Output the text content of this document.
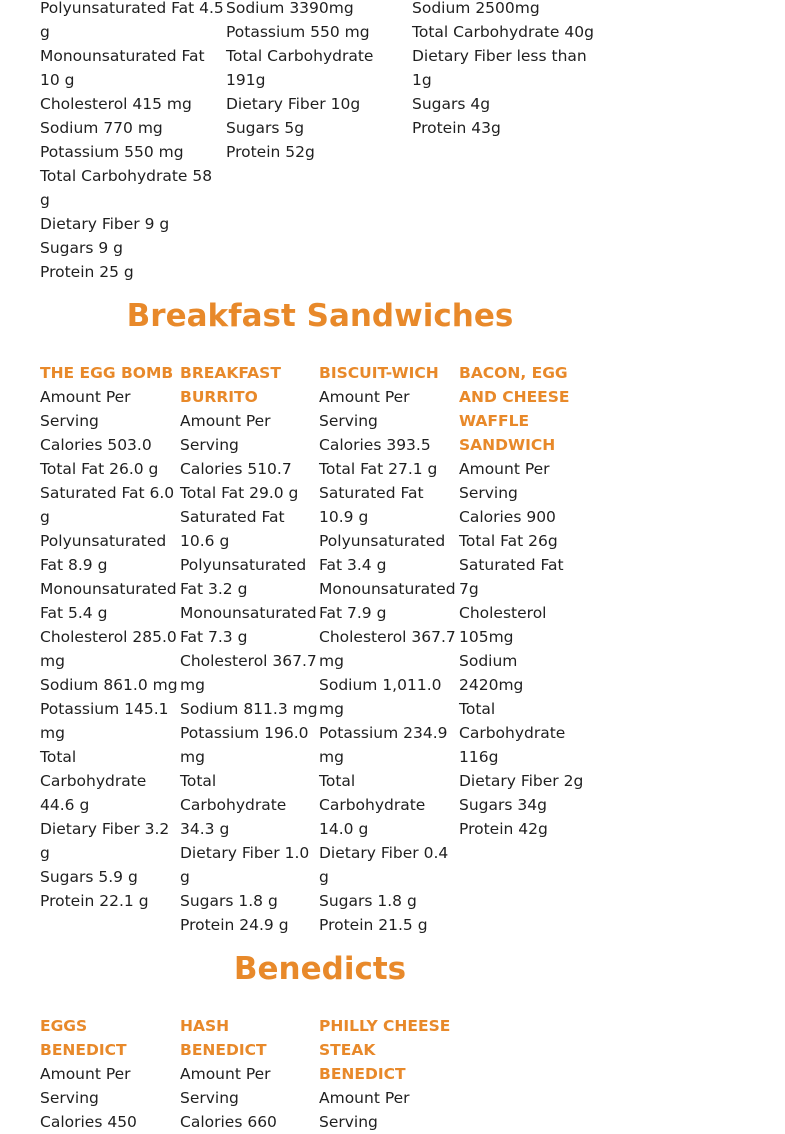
Polyunsaturated Fat 4.5 g
Monounsaturated Fat 10 g
Cholesterol 415 mg
Sodium 770 mg
Potassium 550 mg
Total Carbohydrate 58 g
Dietary Fiber 9 g
Sugars 9 g
Protein 25 g
Sodium 3390mg
Potassium 550 mg
Total Carbohydrate 191g
Dietary Fiber 10g
Sugars 5g
Protein 52g
Sodium 2500mg
Total Carbohydrate 40g
Dietary Fiber less than 1g
Sugars 4g
Protein 43g
Breakfast Sandwiches
THE EGG BOMB
Amount Per Serving
Calories 503.0
Total Fat 26.0 g
Saturated Fat 6.0 g
Polyunsaturated Fat 8.9 g
Monounsaturated Fat 5.4 g
Cholesterol 285.0 mg
Sodium 861.0 mg
Potassium 145.1 mg
Total Carbohydrate 44.6 g
Dietary Fiber 3.2 g
Sugars 5.9 g
Protein 22.1 g
BREAKFAST BURRITO
Amount Per Serving
Calories 510.7
Total Fat 29.0 g
Saturated Fat 10.6 g
Polyunsaturated Fat 3.2 g
Monounsaturated Fat 7.3 g
Cholesterol 367.7 mg
Sodium 811.3 mg
Potassium 196.0 mg
Total Carbohydrate 34.3 g
Dietary Fiber 1.0 g
Sugars 1.8 g
Protein 24.9 g
BISCUIT-WICH
Amount Per Serving
Calories 393.5
Total Fat 27.1 g
Saturated Fat 10.9 g
Polyunsaturated Fat 3.4 g
Monounsaturated Fat 7.9 g
Cholesterol 367.7 mg
Sodium 1,011.0 mg
Potassium 234.9 mg
Total Carbohydrate 14.0 g
Dietary Fiber 0.4 g
Sugars 1.8 g
Protein 21.5 g
BACON, EGG AND CHEESE WAFFLE SANDWICH
Amount Per Serving
Calories 900
Total Fat 26g
Saturated Fat 7g
Cholesterol 105mg
Sodium 2420mg
Total Carbohydrate 116g
Dietary Fiber 2g
Sugars 34g
Protein 42g
Benedicts
EGGS BENEDICT
Amount Per Serving
Calories 450
HASH BENEDICT
Amount Per Serving
Calories 660
PHILLY CHEESE STEAK BENEDICT
Amount Per Serving
